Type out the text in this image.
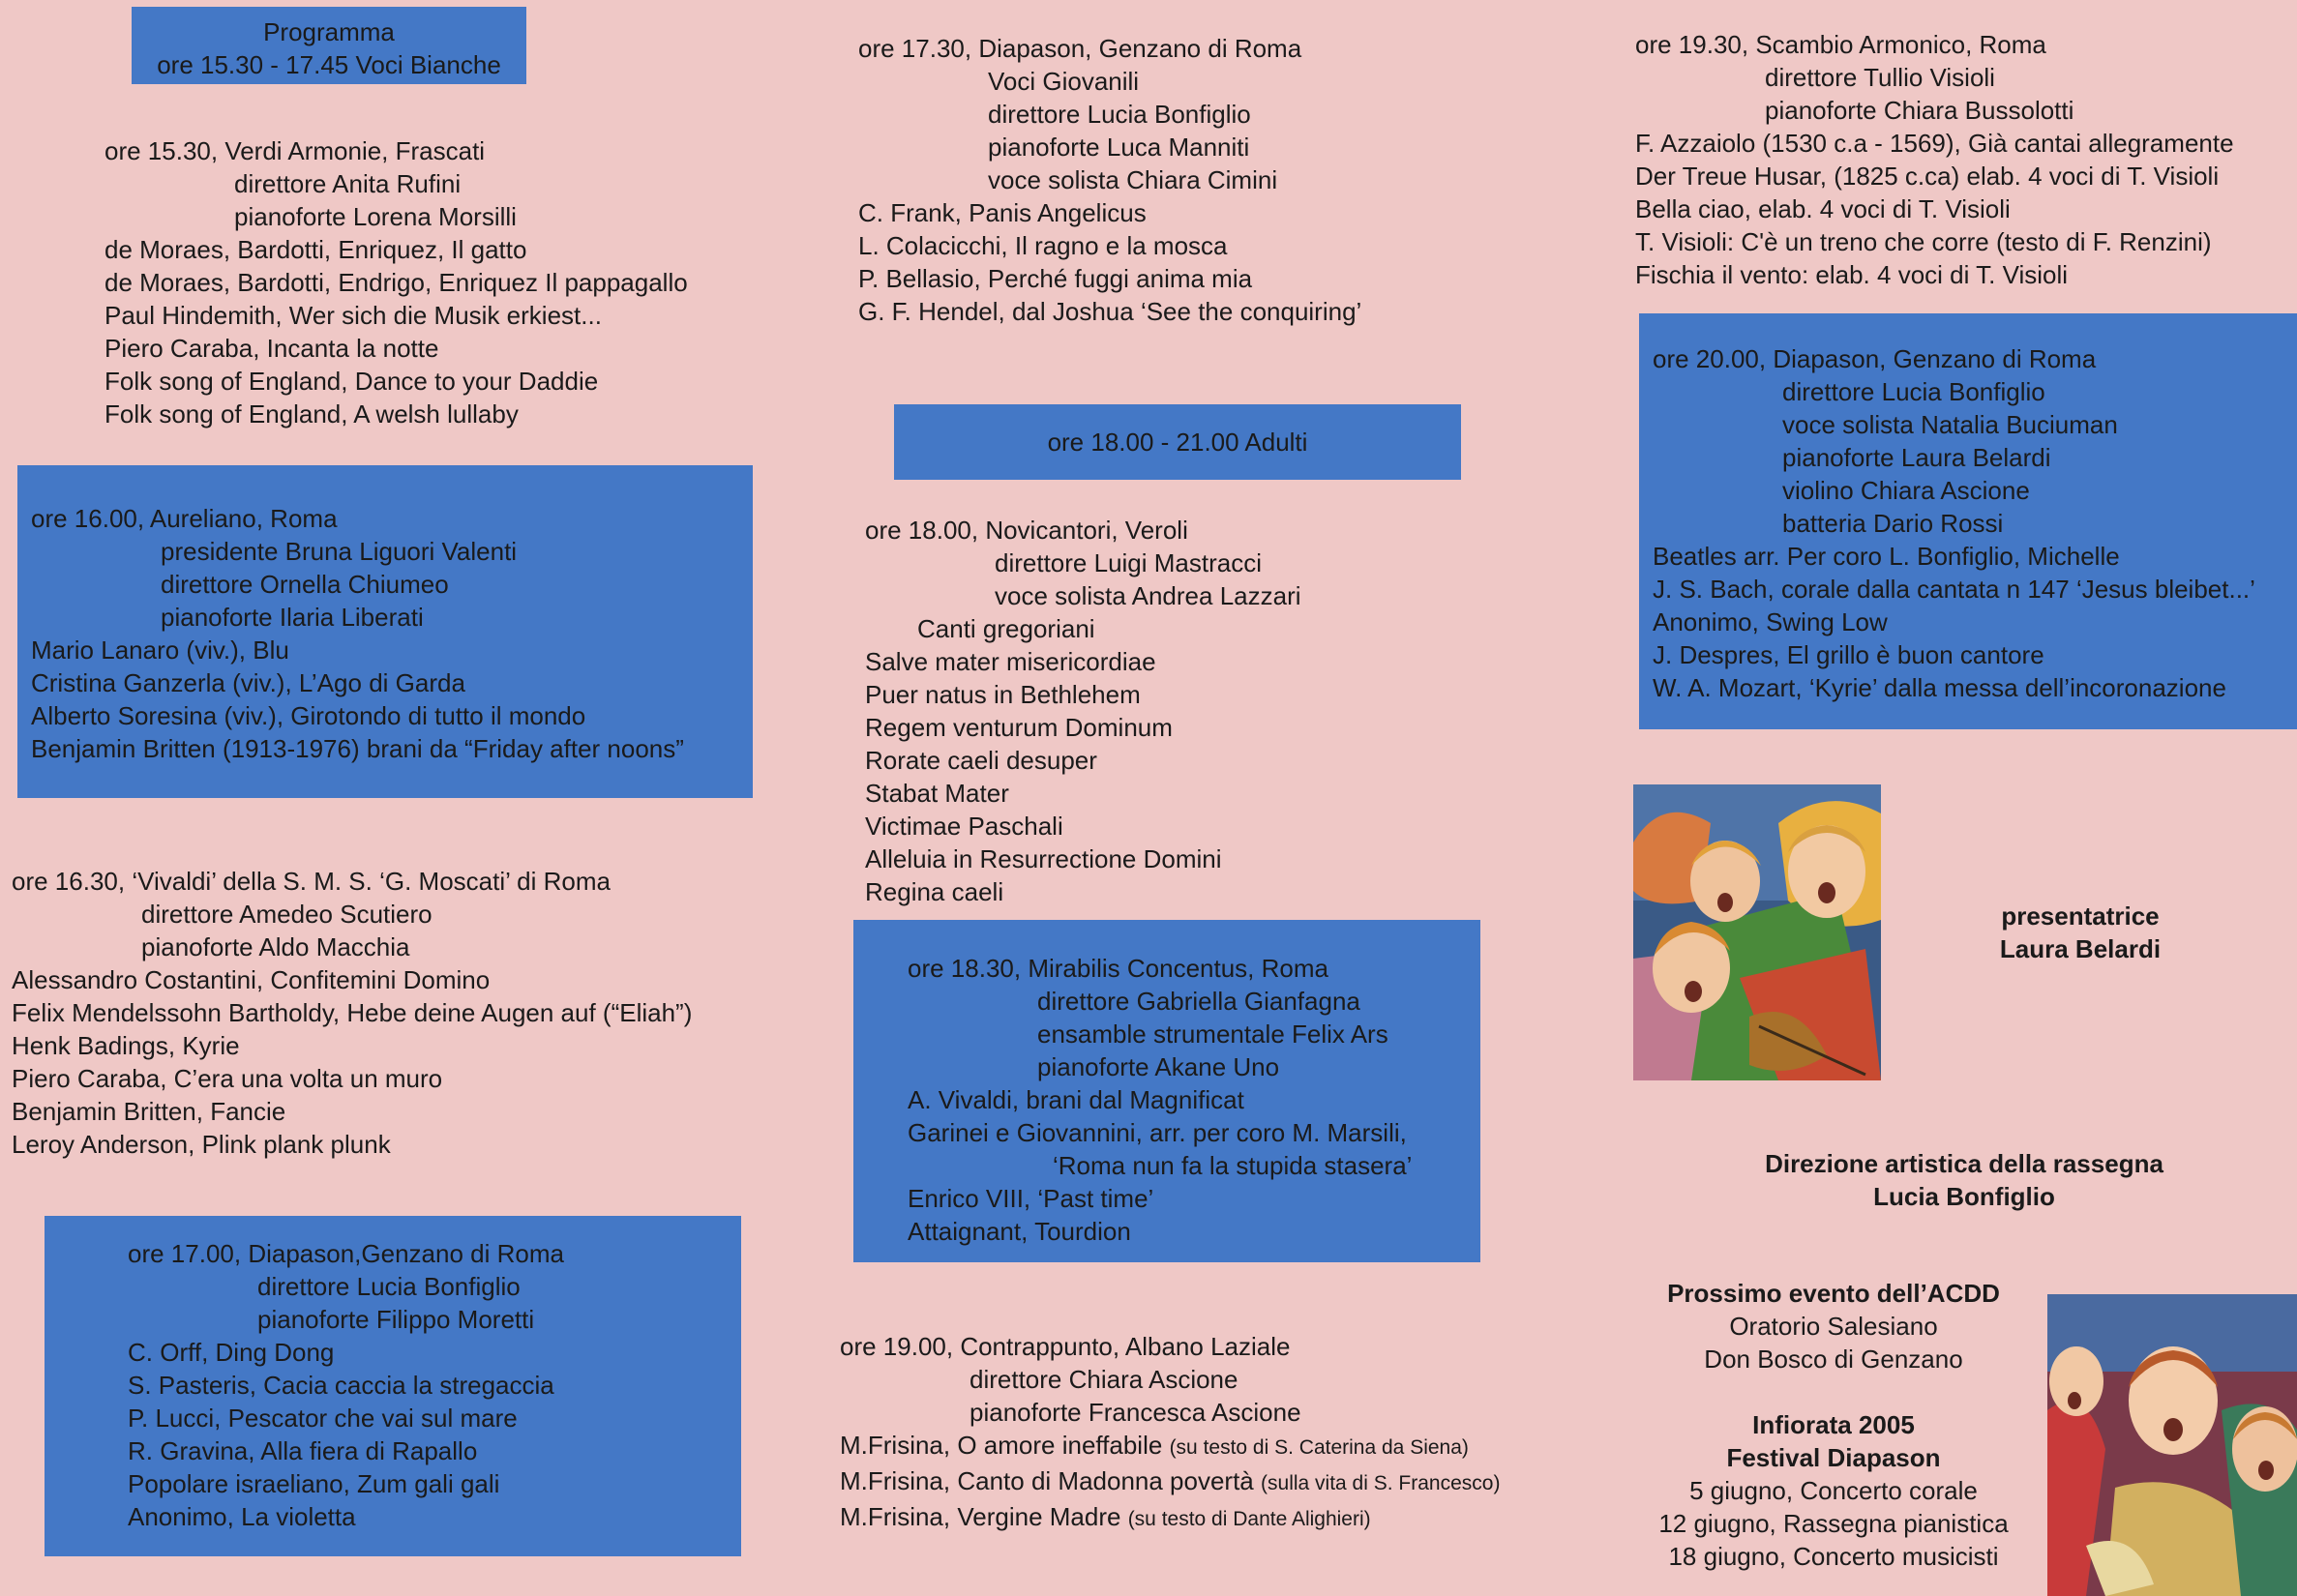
Programma
ore 15.30 - 17.45 Voci Bianche
ore 15.30, Verdi Armonie, Frascati
direttore Anita Rufini
pianoforte Lorena Morsilli
de Moraes, Bardotti, Enriquez, Il gatto
de Moraes, Bardotti, Endrigo, Enriquez Il pappagallo
Paul Hindemith, Wer sich die Musik erkiest...
Piero Caraba, Incanta la notte
Folk song of England, Dance to your Daddie
Folk song of England, A welsh lullaby
ore 16.00, Aureliano, Roma
presidente Bruna Liguori Valenti
direttore Ornella Chiumeo
pianoforte Ilaria Liberati
Mario Lanaro (viv.), Blu
Cristina Ganzerla (viv.), L’Ago di Garda
Alberto Soresina (viv.), Girotondo di tutto il mondo
Benjamin Britten (1913-1976) brani da “Friday after noons”
ore 16.30, ‘Vivaldi’ della S. M. S. ‘G. Moscati’ di Roma
direttore Amedeo Scutiero
pianoforte Aldo Macchia
Alessandro Costantini, Confitemini Domino
Felix Mendelssohn Bartholdy, Hebe deine Augen auf (“Eliah”)
Henk Badings, Kyrie
Piero Caraba, C’era una volta un muro
Benjamin Britten, Fancie
Leroy Anderson, Plink plank plunk
ore 17.00, Diapason,Genzano di Roma
direttore Lucia Bonfiglio
pianoforte Filippo Moretti
C. Orff, Ding Dong
S. Pasteris, Cacia caccia la stregaccia
P. Lucci, Pescator che vai sul mare
R. Gravina, Alla fiera di Rapallo
Popolare israeliano, Zum gali gali
Anonimo, La violetta
ore 17.30, Diapason, Genzano di Roma
Voci Giovanili
direttore Lucia Bonfiglio
pianoforte Luca Manniti
voce solista Chiara Cimini
C. Frank, Panis Angelicus
L. Colacicchi, Il ragno e la mosca
P. Bellasio, Perché fuggi anima mia
G. F. Hendel, dal Joshua ‘See the conquiring’
ore 18.00 - 21.00 Adulti
ore 18.00, Novicantori, Veroli
direttore Luigi Mastracci
voce solista Andrea Lazzari
Canti gregoriani
Salve mater misericordiae
Puer natus in Bethlehem
Regem venturum Dominum
Rorate caeli desuper
Stabat Mater
Victimae Paschali
Alleluia in Resurrectione Domini
Regina caeli
ore 18.30, Mirabilis Concentus, Roma
direttore Gabriella Gianfagna
ensamble strumentale Felix Ars
pianoforte Akane Uno
A. Vivaldi, brani dal Magnificat
Garinei e Giovannini, arr. per coro M. Marsili,
‘Roma nun fa la stupida stasera’
Enrico VIII, ‘Past time’
Attaignant, Tourdion
ore 19.00, Contrappunto, Albano Laziale
direttore Chiara Ascione
pianoforte Francesca Ascione
M.Frisina, O amore ineffabile (su testo di S. Caterina da Siena)
M.Frisina, Canto di Madonna povertà (sulla vita di S. Francesco)
M.Frisina, Vergine Madre (su testo di Dante Alighieri)
ore 19.30, Scambio Armonico, Roma
direttore Tullio Visioli
pianoforte Chiara Bussolotti
F. Azzaiolo (1530 c.a - 1569), Già cantai allegramente
Der Treue Husar, (1825 c.ca) elab. 4 voci di T. Visioli
Bella ciao, elab. 4 voci di T. Visioli
T. Visioli: C'è un treno che corre (testo di F. Renzini)
Fischia il vento: elab. 4 voci di T. Visioli
ore 20.00, Diapason, Genzano di Roma
direttore Lucia Bonfiglio
voce solista Natalia Buciuman
pianoforte Laura Belardi
violino Chiara Ascione
batteria Dario Rossi
Beatles arr. Per coro L. Bonfiglio, Michelle
J. S. Bach, corale dalla cantata n 147 ‘Jesus bleibet...’
Anonimo, Swing Low
J. Despres, El grillo è buon cantore
W. A. Mozart, ‘Kyrie’ dalla messa dell’incoronazione
presentatrice
Laura Belardi
Direzione artistica della rassegna
Lucia Bonfiglio
Prossimo evento dell’ACDD
Oratorio Salesiano
Don Bosco di Genzano
Infiorata 2005
Festival Diapason
5 giugno, Concerto corale
12 giugno, Rassegna pianistica
18 giugno, Concerto musicisti
